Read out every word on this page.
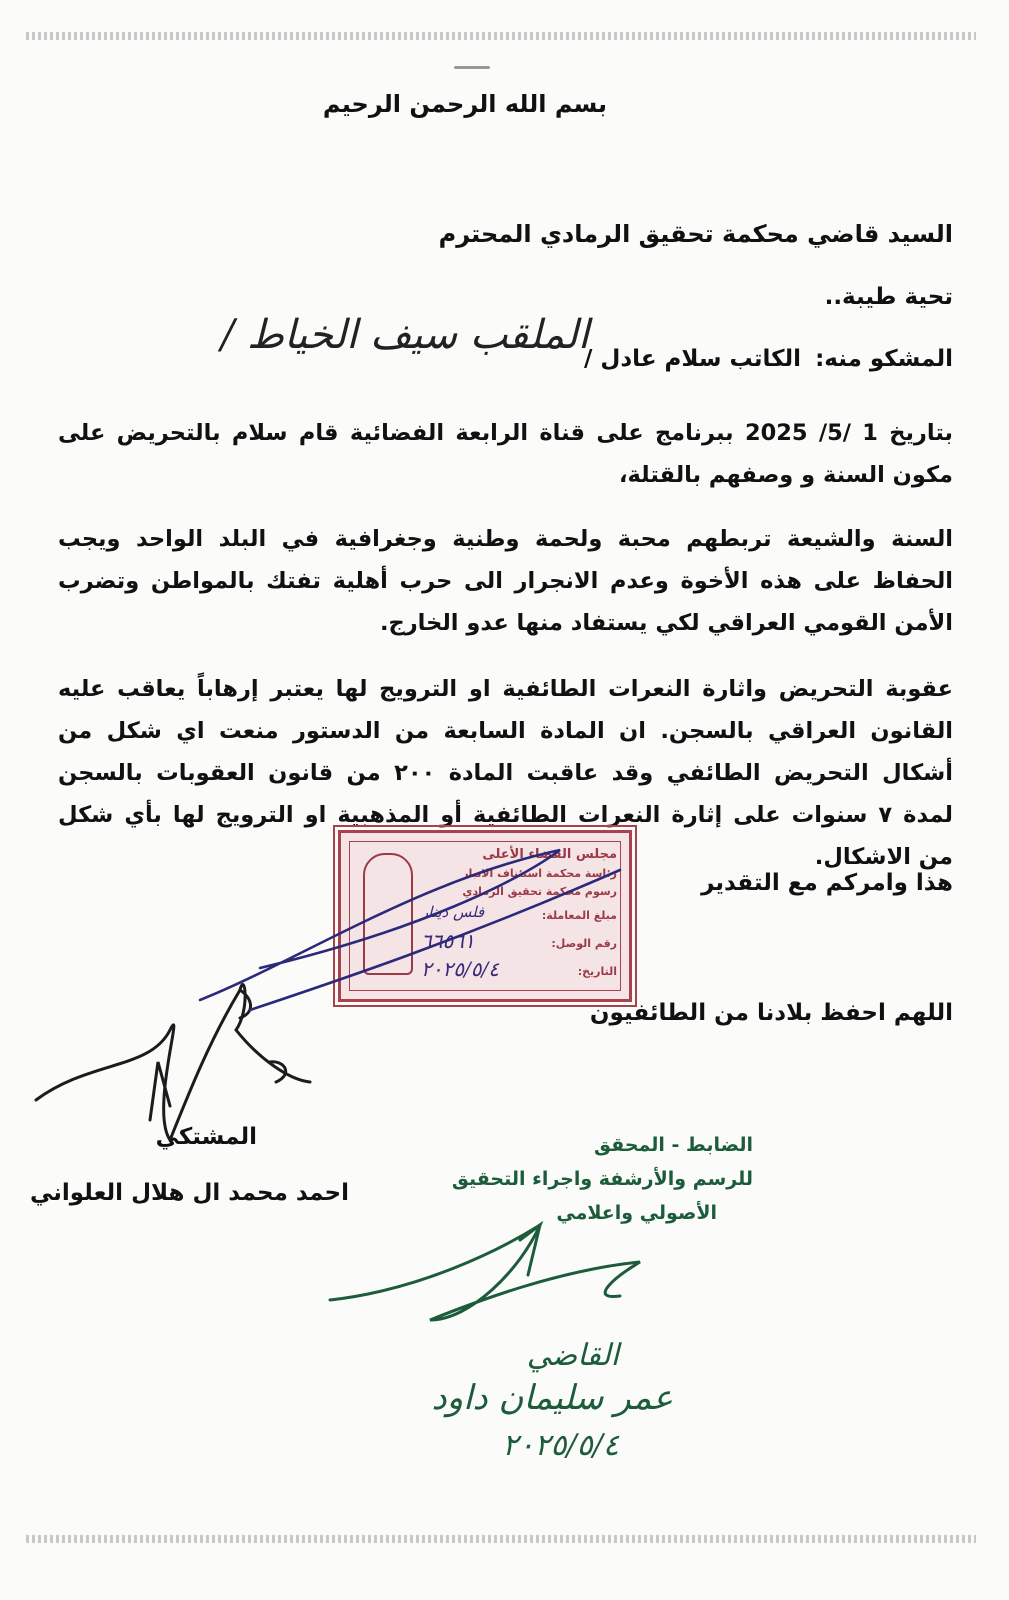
بسم الله الرحمن الرحيم
السيد قاضي محكمة تحقيق الرمادي المحترم
تحية طيبة..
المشكو منه:
الكاتب سلام عادل /
الملقب سيف الخياط /
بتاريخ 1 /5/ 2025 ببرنامج على قناة الرابعة الفضائية قام سلام بالتحريض على مكون السنة و وصفهم بالقتلة،
السنة والشيعة تربطهم محبة ولحمة وطنية وجغرافية في البلد الواحد ويجب الحفاظ على هذه الأخوة وعدم الانجرار الى حرب أهلية تفتك بالمواطن وتضرب الأمن القومي العراقي لكي يستفاد منها عدو الخارج.
عقوبة التحريض واثارة النعرات الطائفية او الترويج لها يعتبر إرهاباً يعاقب عليه القانون العراقي بالسجن. ان المادة السابعة من الدستور منعت اي شكل من أشكال التحريض الطائفي وقد عاقبت المادة ٢٠٠ من قانون العقوبات بالسجن لمدة ٧ سنوات على إثارة النعرات الطائفية أو المذهبية او الترويج لها بأي شكل من الاشكال.
هذا وامركم مع التقدير
مجلس القضاء الأعلى
رئاسة محكمة استئناف الانبار
رسوم محكمة تحقيق الرمادي
مبلغ المعاملة:
فلس دينار
رقم الوصل:
٦٦٥٦١
التاريخ:
٢٠٢٥/٥/٤
اللهم احفظ بلادنا من الطائفيون
المشتكي
احمد محمد ال هلال العلواني
الضابط - المحقق
للرسم والأرشفة واجراء التحقيق
الأصولي واعلامي
القاضي
عمر سليمان داود
٢٠٢٥/٥/٤
